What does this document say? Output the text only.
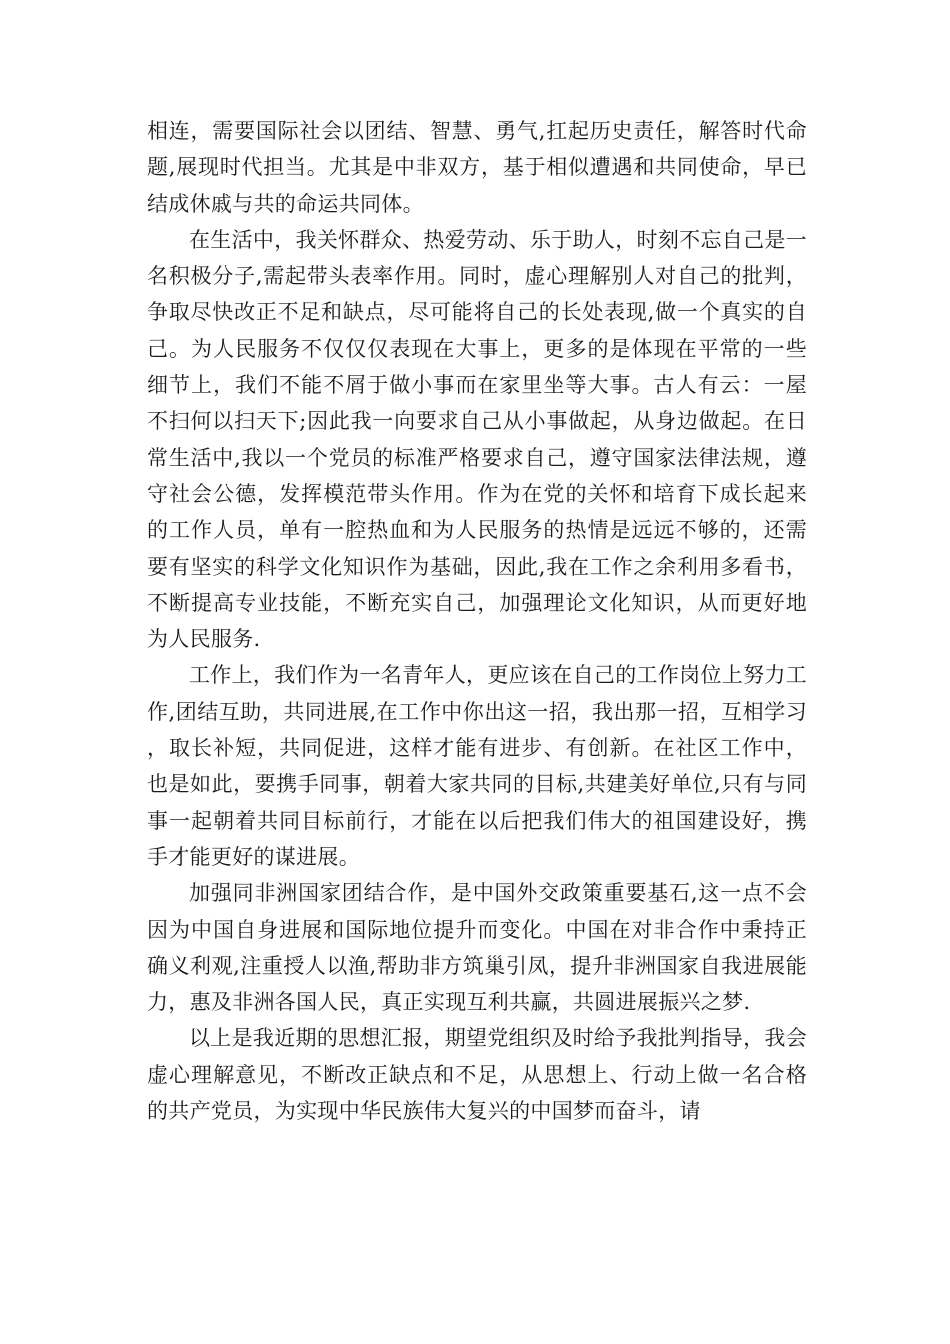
相连，需要国际社会以团结、智慧、勇气,扛起历史责任，解答时代命题,展现时代担当。尤其是中非双方，基于相似遭遇和共同使命，早已结成休戚与共的命运共同体。

在生活中，我关怀群众、热爱劳动、乐于助人，时刻不忘自己是一名积极分子,需起带头表率作用。同时，虚心理解别人对自己的批判，争取尽快改正不足和缺点，尽可能将自己的长处表现,做一个真实的自己。为人民服务不仅仅仅表现在大事上，更多的是体现在平常的一些细节上，我们不能不屑于做小事而在家里坐等大事。古人有云：一屋不扫何以扫天下;因此我一向要求自己从小事做起，从身边做起。在日常生活中,我以一个党员的标准严格要求自己，遵守国家法律法规，遵守社会公德，发挥模范带头作用。作为在党的关怀和培育下成长起来的工作人员，单有一腔热血和为人民服务的热情是远远不够的，还需要有坚实的科学文化知识作为基础，因此,我在工作之余利用多看书，不断提高专业技能，不断充实自己，加强理论文化知识，从而更好地为人民服务.

工作上，我们作为一名青年人，更应该在自己的工作岗位上努力工作,团结互助，共同进展,在工作中你出这一招，我出那一招，互相学习，取长补短，共同促进，这样才能有进步、有创新。在社区工作中，也是如此，要携手同事，朝着大家共同的目标,共建美好单位,只有与同事一起朝着共同目标前行，才能在以后把我们伟大的祖国建设好，携手才能更好的谋进展。

加强同非洲国家团结合作，是中国外交政策重要基石,这一点不会因为中国自身进展和国际地位提升而变化。中国在对非合作中秉持正确义利观,注重授人以渔,帮助非方筑巢引凤，提升非洲国家自我进展能力，惠及非洲各国人民，真正实现互利共赢，共圆进展振兴之梦.

以上是我近期的思想汇报，期望党组织及时给予我批判指导，我会虚心理解意见，不断改正缺点和不足，从思想上、行动上做一名合格的共产党员，为实现中华民族伟大复兴的中国梦而奋斗，请
